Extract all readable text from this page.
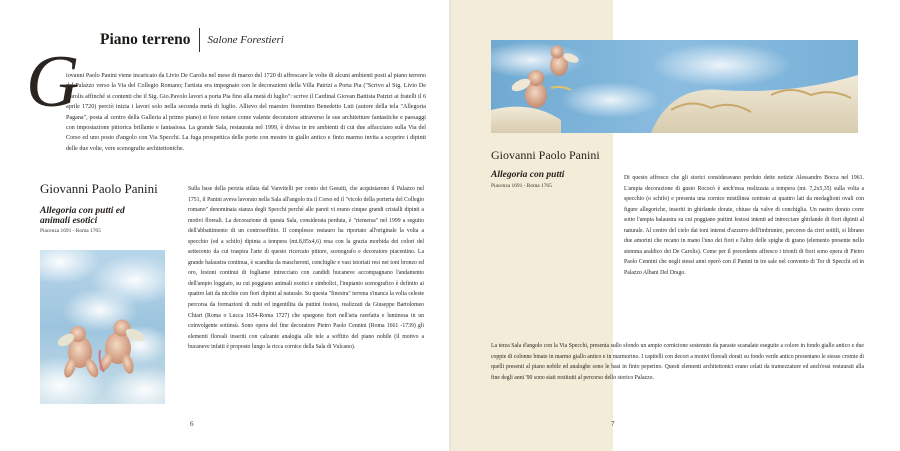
Piano terreno Salone Forestieri
G

iovanni Paolo Panini viene incaricato da Livio De Carolis nel mese di marzo del 1720 di affrescare le volte di alcuni ambienti posti al piano terreno del Palazzo verso la Via del Collegio Romano; l'artista era impegnato con le decorazioni della Villa Patrizi a Porta Pia ("Scrivo al Sig. Livio De Carolis affinché si contenti che il Sig. Gio.Pavolo lavori a porta Pia fino alla metà di luglio": scrive il Cardinal Giovan Battista Patrizi ai fratelli il 6 aprile 1720) perciò inizia i lavori solo nella seconda metà di luglio. Allievo del maestro fiorentino Benedetto Luti (autore della tela "Allegoria Pagana", posta al centro della Galleria al primo piano) si fece notare come valente decoratore attraverso le sue architetture fantastiche e paesaggi con impostazione pittorica brillante e fantasiosa. La grande Sala, restaurata nel 1999, è divisa in tre ambienti di cui due affacciano sulla Via del Corso ed uno posto d'angolo con Via Specchi. La fuga prospettica delle porte con mostre in giallo antico e finto marmo invita a scoprire i dipinti delle due volte, vere scenografie architettoniche.

Giovanni Paolo Panini
Allegoria con putti ed animali esotici
Piacenza 1691 - Roma 1765

Sulla base della perizia stilata dal Vanvitelli per conto dei Gesuiti, che acquistarono il Palazzo nel 1751, il Panini aveva lavorato nella Sala all'angolo tra il Corso ed il "vicolo della porteria del Collegio romano" denominata stanza degli Specchi perché alle pareti vi erano cinque grandi cristalli dipinti a motivi floreali. La decorazione di questa Sala, considerata perduta, è "riemersa" nel 1999 a seguito dell'abbattimento di un controsoffitto. Il complesso restauro ha riportato all'originale la volta a specchio (od a schifo) dipinta a tempera (mt.8,85x4,6) resa con la grazia morbida dei colori del settecento da cui traspira l'arte di questo ricercato pittore, scenografo e decoratore piacentino. La grande balaustra continua, è scandita da mascheroni, conchiglie e vasi istoriati resi nei toni bronzo ed oro, festoni continui di fogliame intrecciato con candidi bucaneve accompagnano l'andamento dell'ampio loggiato, su cui poggiano animali esotici e simbolici, l'impianto scenografico è definito ai quattro lati da nicchie con fiori dipinti al naturale. Su questa "finestra" terrena s'inanca la volta celeste percorsa da formazioni di nubi ed ingentilita da puttini festosi, realizzati da Giuseppe Bartolomeo Chiari (Roma o Lucca 1654-Roma 1727) che spargono fiori nell'aria rarefatta e luminosa in un coinvolgente sottinsù. Sono opera del fine decoratore Pietro Paolo Cennini (Roma 1661 -1739) gli elementi floreali inseriti con calzante analogia alle tele a soffitto del piano nobile (il motivo a bucaneve infatti è proposto lungo la ricca cornice della Sala di Vulcano).

Giovanni Paolo Panini
Allegoria con putti
Piacenza 1691 - Roma 1765

Di questo affresco che gli storici consideravano perduto dette notizie Alessandro Bocca nel 1961. L'ampia decorazione di gusto Rococò è anch'essa realizzata a tempera (mt. 7,2x5,35) sulla volta a specchio (o schifo) e presenta una cornice mistilinea centrato ai quattro lati da medaglioni ovali con figure allegoriche, inseriti in ghirlande dorate, chiuse da valve di conchiglia. Un nastro dorato corre sotto l'ampia balaustra su cui poggiano puttini festosi intenti ad intrecciare ghirlande di fiori dipinti al naturale. Al centro del cielo dai toni intensi d'azzurro dell'imbrunire, percorso da cirri sottili, si librano due amorini che recano in mano l'uno dei fiori e l'altro delle spighe di grano (elemento presente nello stemma araldico dei De Carolis). Come per il precedente affresco i trionfi di fiori sono opera di Pietro Paolo Cennini che negli stessi anni operò con il Panini in tre sale nel convento di Tor di Specchi ed in Palazzo Albani Del Drago.

La terza Sala d'angolo con la Via Specchi, presenta sullo sfondo un ampio cornicione sostenuto da paraste scanalate eseguite a colore in fondo giallo antico e due coppie di colonne binate in marmo giallo antico e in marmorino. I capitelli con decori a motivi floreali dorati su fondo verde antico presentano le stesse cromie di quelli presenti al piano nobile ed analoghe sono le basi in finto peperino. Questi elementi architettonici erano celati da tramezzature ed anch'essi restaurati alla fine degli anni '90 sono stati restituiti al percorso dello storico Palazzo.

6	7
